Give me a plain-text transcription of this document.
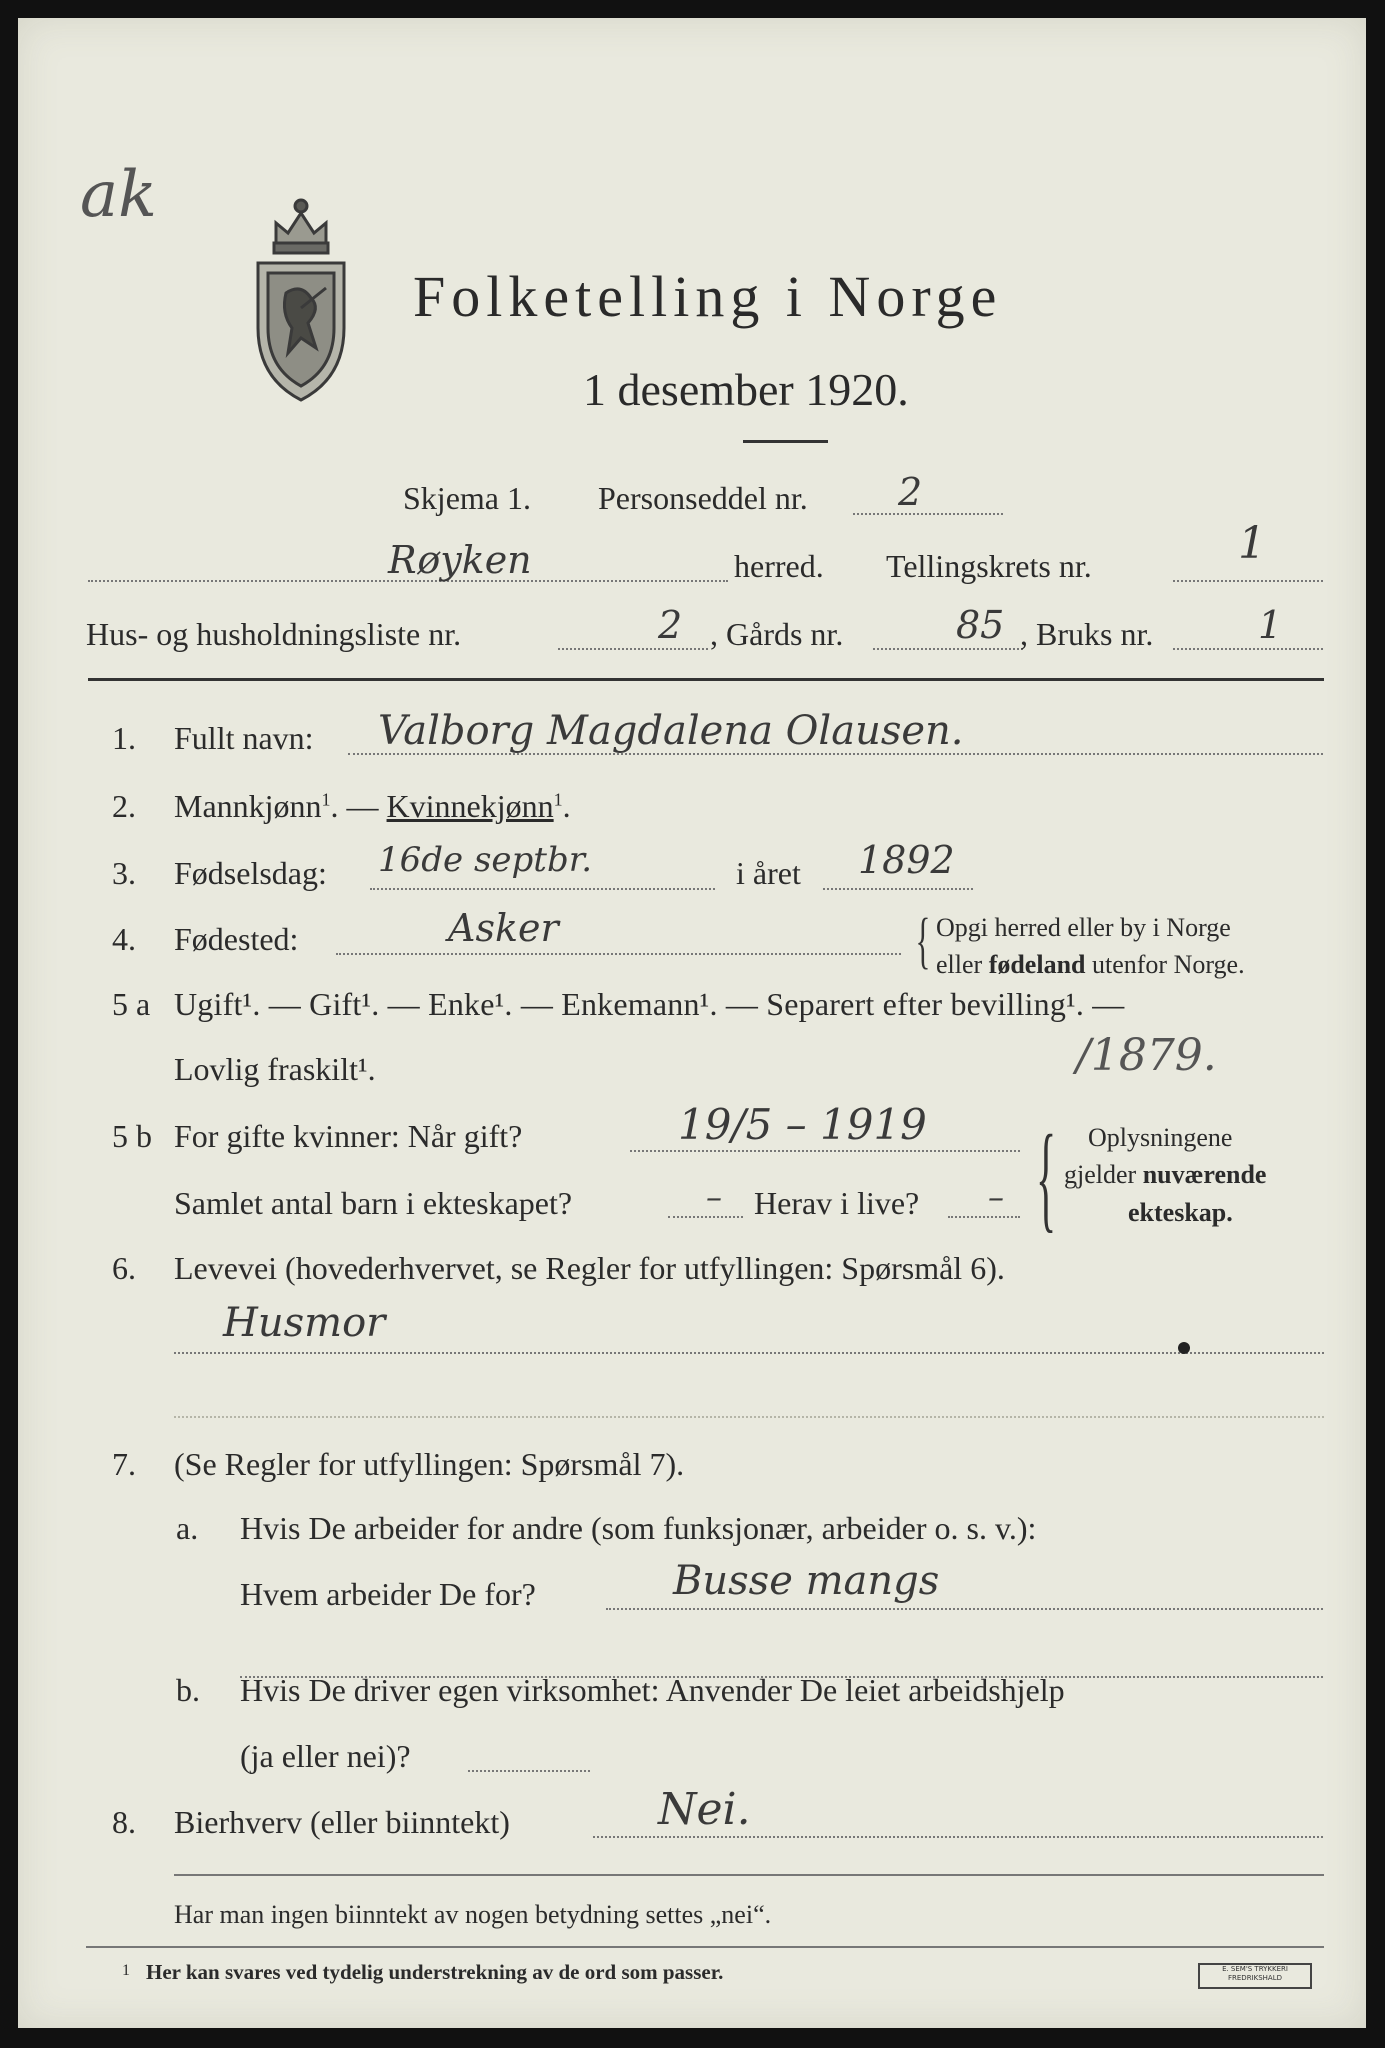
ak
Folketelling i Norge
1 desember 1920.
Skjema 1. Personseddel nr. 2
Røyken	herred. Tellingskrets nr.	1
Hus- og husholdningsliste nr.	2 , Gårds nr.	85 , Bruks nr.	1
1. Fullt navn: Valborg Magdalena Olausen.
2. Mannkjønn$^1$. — Kvinnekjønn$^1$.
3. Fødselsdag: 16de septbr.	i året 1892
4. Fødested:	Asker	{ Opgi herred eller by i Norge
eller fødeland utenfor Norge.
5 a Ugift¹. — Gift¹. — Enke¹. — Enkemann¹. — Separert efter bevilling¹. —
Lovlig fraskilt¹.	/1879.
5 b For gifte kvinner: Når gift?	19/5 – 1919
Samlet antal barn i ekteskapet?	– Herav i live? – { Oplysningene
gjelder nuværende
ekteskap.
6. Levevei (hovederhvervet, se Regler for utfyllingen: Spørsmål 6).
Husmor
7. (Se Regler for utfyllingen: Spørsmål 7).
a. Hvis De arbeider for andre (som funksjonær, arbeider o. s. v.):
Hvem arbeider De for?	Busse mangs
b. Hvis De driver egen virksomhet: Anvender De leiet arbeidshjelp
(ja eller nei)?
8. Bierhverv (eller biinntekt)	Nei.
Har man ingen biinntekt av nogen betydning settes „nei“.
1 Her kan svares ved tydelig understrekning av de ord som passer.	E. SEM'S TRYKKERI FREDRIKSHALD
